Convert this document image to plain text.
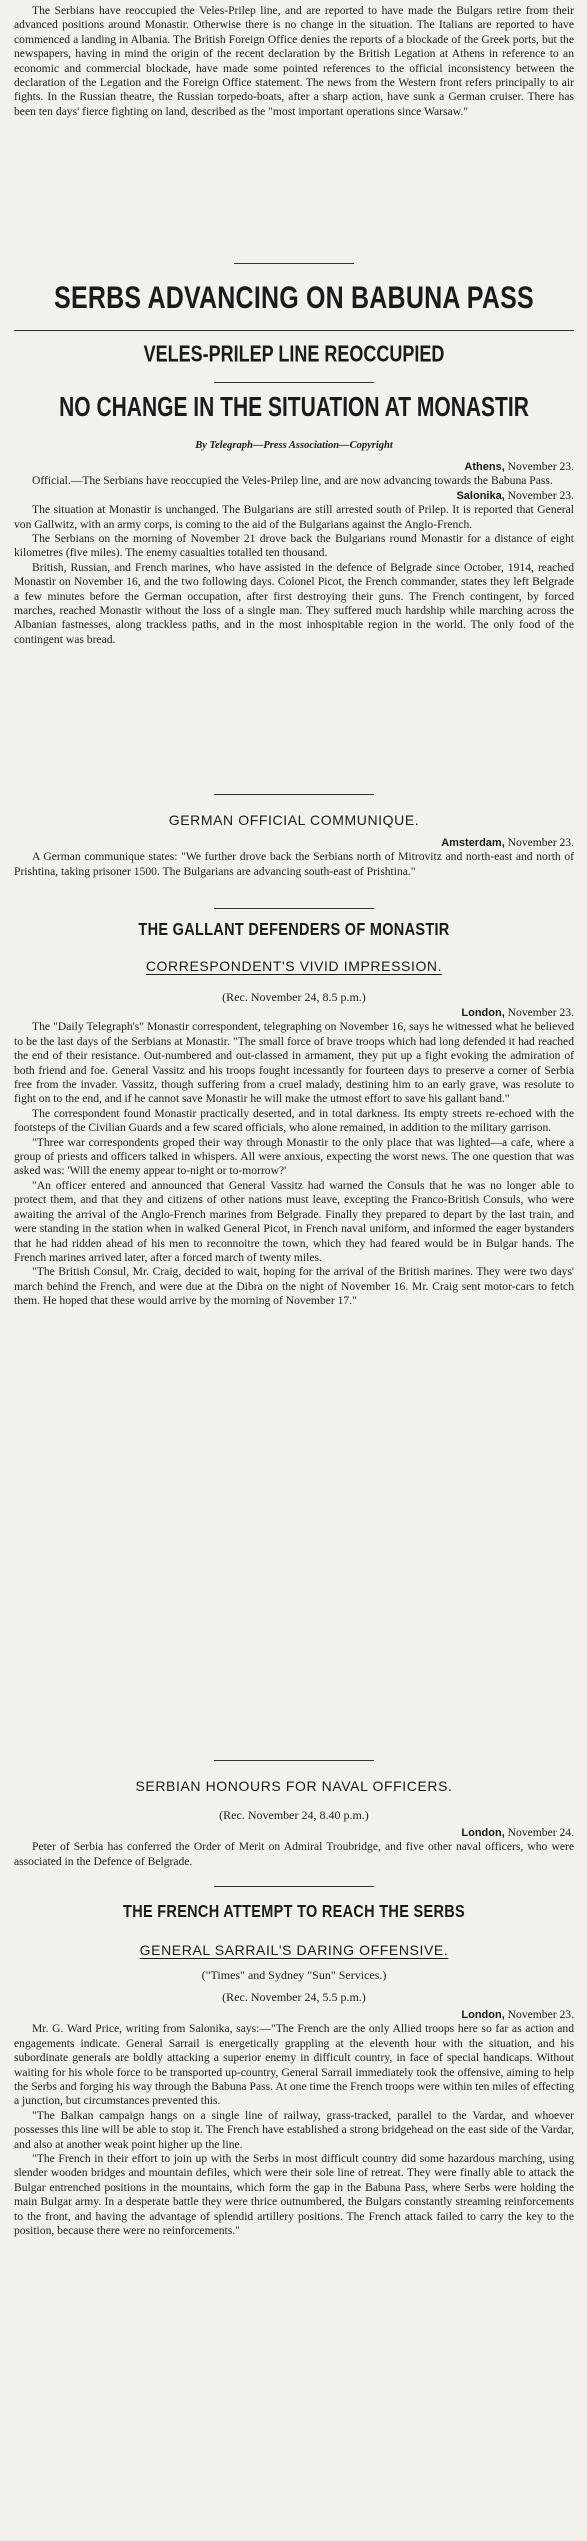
The Serbians have reoccupied the Veles-Prilep line, and are reported to have made the Bulgars retire from their advanced positions around Monastir. Otherwise there is no change in the situation. The Italians are reported to have commenced a landing in Albania. The British Foreign Office denies the reports of a blockade of the Greek ports, but the newspapers, having in mind the origin of the recent declaration by the British Legation at Athens in reference to an economic and commercial blockade, have made some pointed references to the official inconsistency between the declaration of the Legation and the Foreign Office statement. The news from the Western front refers principally to air fights. In the Russian theatre, the Russian torpedo-boats, after a sharp action, have sunk a German cruiser. There has been ten days' fierce fighting on land, described as the "most important operations since Warsaw."

SERBS ADVANCING ON BABUNA PASS
VELES-PRILEP LINE REOCCUPIED
NO CHANGE IN THE SITUATION AT MONASTIR
By Telegraph—Press Association—Copyright
Athens, November 23.

Official.—The Serbians have reoccupied the Veles-Prilep line, and are now advancing towards the Babuna Pass.

Salonika, November 23.

The situation at Monastir is unchanged. The Bulgarians are still arrested south of Prilep. It is reported that General von Gallwitz, with an army corps, is coming to the aid of the Bulgarians against the Anglo-French.

The Serbians on the morning of November 21 drove back the Bulgarians round Monastir for a distance of eight kilometres (five miles). The enemy casualties totalled ten thousand.

British, Russian, and French marines, who have assisted in the defence of Belgrade since October, 1914, reached Monastir on November 16, and the two following days. Colonel Picot, the French commander, states they left Belgrade a few minutes before the German occupation, after first destroying their guns. The French contingent, by forced marches, reached Monastir without the loss of a single man. They suffered much hardship while marching across the Albanian fastnesses, along trackless paths, and in the most inhospitable region in the world. The only food of the contingent was bread.

GERMAN OFFICIAL COMMUNIQUE.
Amsterdam, November 23.

A German communique states: "We further drove back the Serbians north of Mitrovitz and north-east and north of Prishtina, taking prisoner 1500. The Bulgarians are advancing south-east of Prishtina."

THE GALLANT DEFENDERS OF MONASTIR
CORRESPONDENT'S VIVID IMPRESSION.
(Rec. November 24, 8.5 p.m.)
London, November 23.

The "Daily Telegraph's" Monastir correspondent, telegraphing on November 16, says he witnessed what he believed to be the last days of the Serbians at Monastir. "The small force of brave troops which had long defended it had reached the end of their resistance. Out-numbered and out-classed in armament, they put up a fight evoking the admiration of both friend and foe. General Vassitz and his troops fought incessantly for fourteen days to preserve a corner of Serbia free from the invader. Vassitz, though suffering from a cruel malady, destining him to an early grave, was resolute to fight on to the end, and if he cannot save Monastir he will make the utmost effort to save his gallant band."

The correspondent found Monastir practically deserted, and in total darkness. Its empty streets re-echoed with the footsteps of the Civilian Guards and a few scared officials, who alone remained, in addition to the military garrison.

"Three war correspondents groped their way through Monastir to the only place that was lighted—a cafe, where a group of priests and officers talked in whispers. All were anxious, expecting the worst news. The one question that was asked was: 'Will the enemy appear to-night or to-morrow?'

"An officer entered and announced that General Vassitz had warned the Consuls that he was no longer able to protect them, and that they and citizens of other nations must leave, excepting the Franco-British Consuls, who were awaiting the arrival of the Anglo-French marines from Belgrade. Finally they prepared to depart by the last train, and were standing in the station when in walked General Picot, in French naval uniform, and informed the eager bystanders that he had ridden ahead of his men to reconnoitre the town, which they had feared would be in Bulgar hands. The French marines arrived later, after a forced march of twenty miles.

"The British Consul, Mr. Craig, decided to wait, hoping for the arrival of the British marines. They were two days' march behind the French, and were due at the Dibra on the night of November 16. Mr. Craig sent motor-cars to fetch them. He hoped that these would arrive by the morning of November 17."

SERBIAN HONOURS FOR NAVAL OFFICERS.
(Rec. November 24, 8.40 p.m.)
London, November 24.

Peter of Serbia has conferred the Order of Merit on Admiral Troubridge, and five other naval officers, who were associated in the Defence of Belgrade.

THE FRENCH ATTEMPT TO REACH THE SERBS
GENERAL SARRAIL'S DARING OFFENSIVE.
("Times" and Sydney "Sun" Services.)
(Rec. November 24, 5.5 p.m.)
London, November 23.

Mr. G. Ward Price, writing from Salonika, says:—"The French are the only Allied troops here so far as action and engagements indicate. General Sarrail is energetically grappling at the eleventh hour with the situation, and his subordinate generals are boldly attacking a superior enemy in difficult country, in face of special handicaps. Without waiting for his whole force to be transported up-country, General Sarrail immediately took the offensive, aiming to help the Serbs and forging his way through the Babuna Pass. At one time the French troops were within ten miles of effecting a junction, but circumstances prevented this.

"The Balkan campaign hangs on a single line of railway, grass-tracked, parallel to the Vardar, and whoever possesses this line will be able to stop it. The French have established a strong bridgehead on the east side of the Vardar, and also at another weak point higher up the line.

"The French in their effort to join up with the Serbs in most difficult country did some hazardous marching, using slender wooden bridges and mountain defiles, which were their sole line of retreat. They were finally able to attack the Bulgar entrenched positions in the mountains, which form the gap in the Babuna Pass, where Serbs were holding the main Bulgar army. In a desperate battle they were thrice outnumbered, the Bulgars constantly streaming reinforcements to the front, and having the advantage of splendid artillery positions. The French attack failed to carry the key to the position, because there were no reinforcements."
